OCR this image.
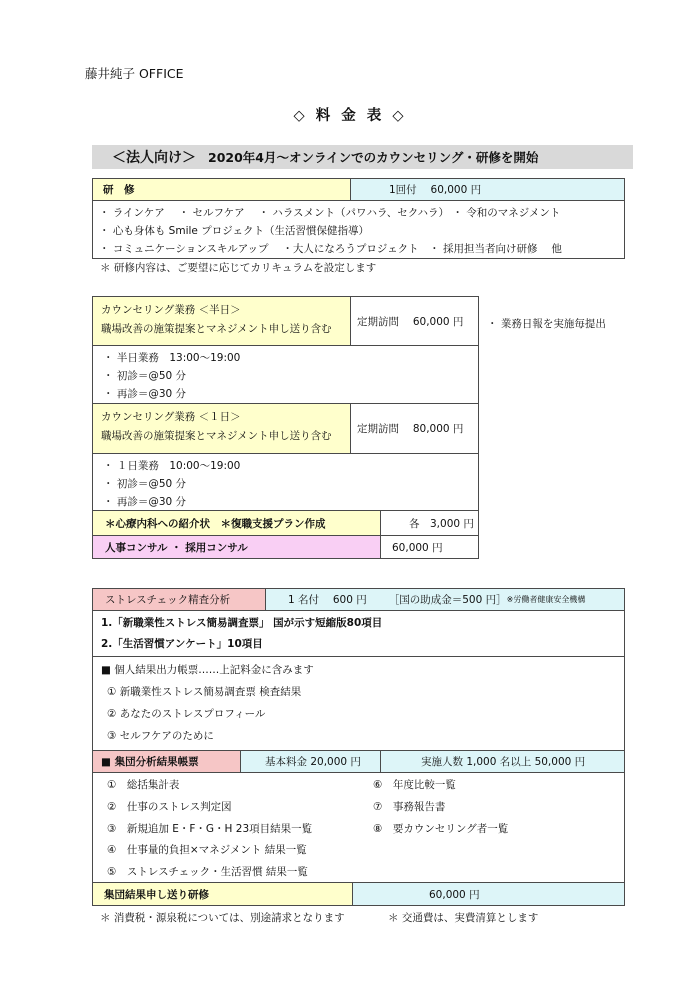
藤井純子 OFFICE
◇ 料 金 表 ◇
＜法人向け＞ 2020年4月～オンラインでのカウンセリング・研修を開始
研　修	1回付　 60,000 円
・ ラインケア　 ・ セルフケア　 ・ ハラスメント（パワハラ、セクハラ） ・ 令和のマネジメント
・ 心も身体も Smile プロジェクト（生活習慣保健指導）
・ コミュニケーションスキルアップ　 ・大人になろうプロジェクト　・ 採用担当者向け研修　 他
＊ 研修内容は、ご要望に応じてカリキュラムを設定します
カウンセリング業務 ＜半日＞
職場改善の施策提案とマネジメント申し送り含む
定期訪問　 60,000 円	・ 業務日報を実施毎提出
・ 半日業務　13:00～19:00
・ 初診＝@50 分
・ 再診＝@30 分
カウンセリング業務 ＜１日＞
職場改善の施策提案とマネジメント申し送り含む
定期訪問　 80,000 円
・ １日業務　10:00～19:00
・ 初診＝@50 分
・ 再診＝@30 分
＊心療内科への紹介状　＊復職支援プラン作成	各　3,000 円
人事コンサル ・ 採用コンサル	60,000 円
ストレスチェック精査分析	1 名付　 600 円 ［国の助成金＝500 円］ ※労働者健康安全機構
1.「新職業性ストレス簡易調査票」 国が示す短縮版80項目
2.「生活習慣アンケート」10項目
■ 個人結果出力帳票……上記料金に含みます
① 新職業性ストレス簡易調査票 検査結果
② あなたのストレスプロフィール
③ セルフケアのために
■ 集団分析結果帳票	基本料金 20,000 円	実施人数 1,000 名以上 50,000 円
①　総括集計表
②　仕事のストレス判定図
③　新規追加 E・F・G・H 23項目結果一覧
④　仕事量的負担×マネジメント 結果一覧
⑤　ストレスチェック・生活習慣 結果一覧
⑥　年度比較一覧
⑦　事務報告書
⑧　要カウンセリング者一覧
集団結果申し送り研修	60,000 円
＊ 消費税・源泉税については、別途請求となります	＊ 交通費は、実費清算とします
